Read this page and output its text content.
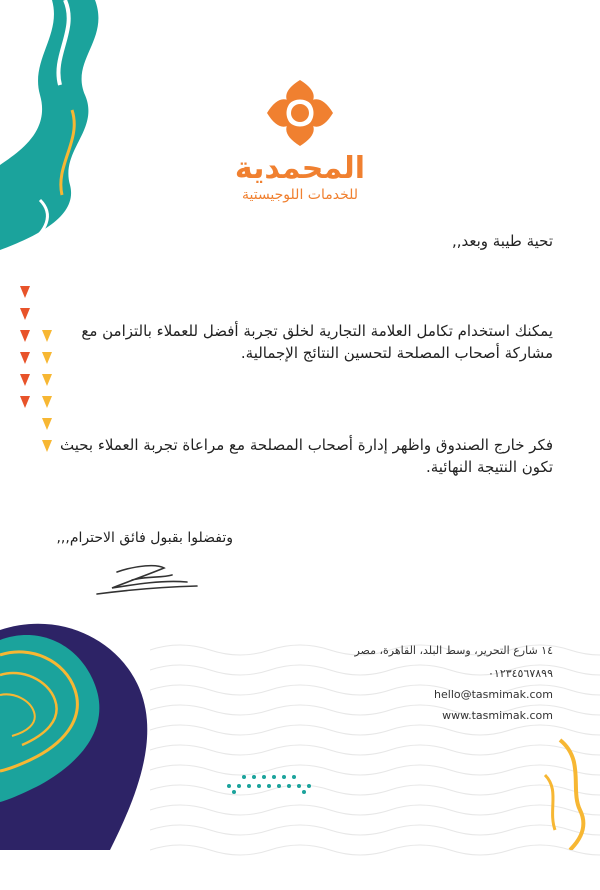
المحمدية
للخدمات اللوجيستية
تحية طيبة وبعد,,
يمكنك استخدام تكامل العلامة التجارية لخلق تجربة أفضل للعملاء بالتزامن مع مشاركة أصحاب المصلحة لتحسين النتائج الإجمالية.
فكر خارج الصندوق واظهر إدارة أصحاب المصلحة مع مراعاة تجربة العملاء بحيث تكون النتيجة النهائية.
وتفضلوا بقبول فائق الاحترام,,,
١٤ شارع التحرير، وسط البلد، القاهرة، مصر
٠١٢٣٤٥٦٧٨٩٩
hello@tasmimak.com
www.tasmimak.com
